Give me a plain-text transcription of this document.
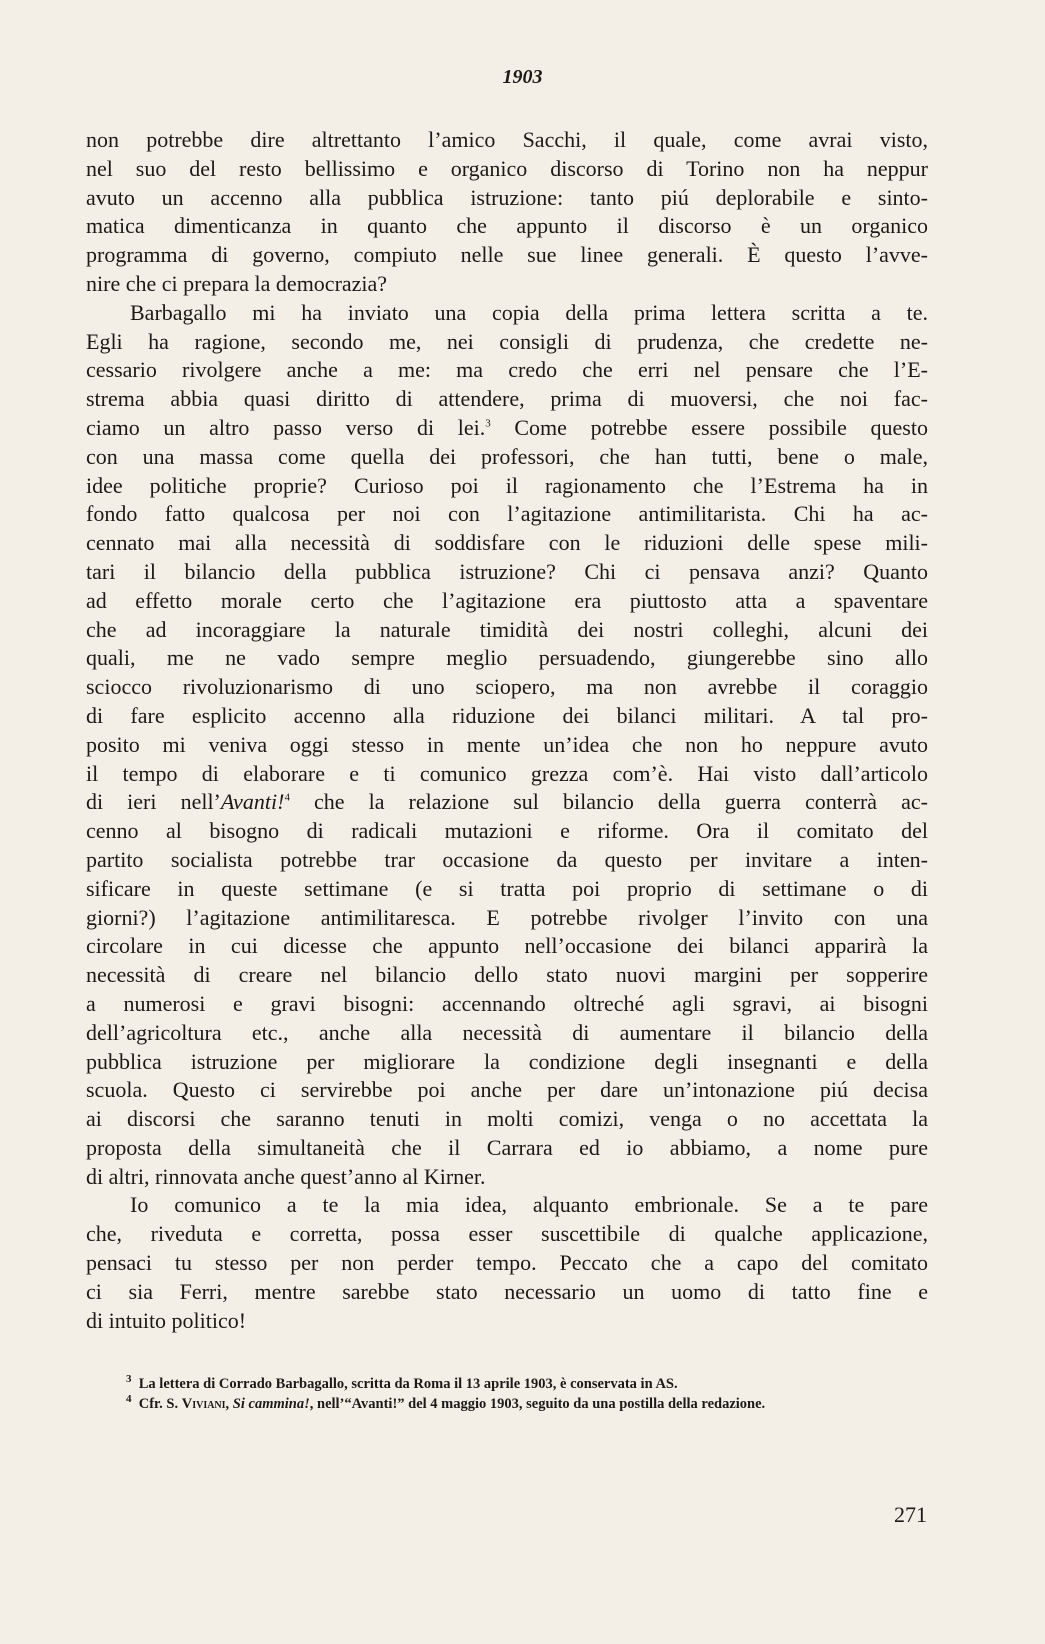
1903

non potrebbe dire altrettanto l’amico Sacchi, il quale, come avrai visto,
nel suo del resto bellissimo e organico discorso di Torino non ha neppur
avuto un accenno alla pubblica istruzione: tanto piú deplorabile e sinto-
matica dimenticanza in quanto che appunto il discorso è un organico
programma di governo, compiuto nelle sue linee generali. È questo l’avve-
nire che ci prepara la democrazia?

Barbagallo mi ha inviato una copia della prima lettera scritta a te.
Egli ha ragione, secondo me, nei consigli di prudenza, che credette ne-
cessario rivolgere anche a me: ma credo che erri nel pensare che l’E-
strema abbia quasi diritto di attendere, prima di muoversi, che noi fac-
ciamo un altro passo verso di lei.$^3$ Come potrebbe essere possibile questo
con una massa come quella dei professori, che han tutti, bene o male,
idee politiche proprie? Curioso poi il ragionamento che l’Estrema ha in
fondo fatto qualcosa per noi con l’agitazione antimilitarista. Chi ha ac-
cennato mai alla necessità di soddisfare con le riduzioni delle spese mili-
tari il bilancio della pubblica istruzione? Chi ci pensava anzi? Quanto
ad effetto morale certo che l’agitazione era piuttosto atta a spaventare
che ad incoraggiare la naturale timidità dei nostri colleghi, alcuni dei
quali, me ne vado sempre meglio persuadendo, giungerebbe sino allo
sciocco rivoluzionarismo di uno sciopero, ma non avrebbe il coraggio
di fare esplicito accenno alla riduzione dei bilanci militari. A tal pro-
posito mi veniva oggi stesso in mente un’idea che non ho neppure avuto
il tempo di elaborare e ti comunico grezza com’è. Hai visto dall’articolo
di ieri nell’Avanti!$^4$ che la relazione sul bilancio della guerra conterrà ac-
cenno al bisogno di radicali mutazioni e riforme. Ora il comitato del
partito socialista potrebbe trar occasione da questo per invitare a inten-
sificare in queste settimane (e si tratta poi proprio di settimane o di
giorni?) l’agitazione antimilitaresca. E potrebbe rivolger l’invito con una
circolare in cui dicesse che appunto nell’occasione dei bilanci apparirà la
necessità di creare nel bilancio dello stato nuovi margini per sopperire
a numerosi e gravi bisogni: accennando oltreché agli sgravi, ai bisogni
dell’agricoltura etc., anche alla necessità di aumentare il bilancio della
pubblica istruzione per migliorare la condizione degli insegnanti e della
scuola. Questo ci servirebbe poi anche per dare un’intonazione piú decisa
ai discorsi che saranno tenuti in molti comizi, venga o no accettata la
proposta della simultaneità che il Carrara ed io abbiamo, a nome pure
di altri, rinnovata anche quest’anno al Kirner.

Io comunico a te la mia idea, alquanto embrionale. Se a te pare
che, riveduta e corretta, possa esser suscettibile di qualche applicazione,
pensaci tu stesso per non perder tempo. Peccato che a capo del comitato
ci sia Ferri, mentre sarebbe stato necessario un uomo di tatto fine e
di intuito politico!

$^3$ La lettera di Corrado Barbagallo, scritta da Roma il 13 aprile 1903, è conservata in AS.

$^4$ Cfr. S. Viviani, Si cammina!, nell’“Avanti!” del 4 maggio 1903, seguito da una postilla della redazione.

271
